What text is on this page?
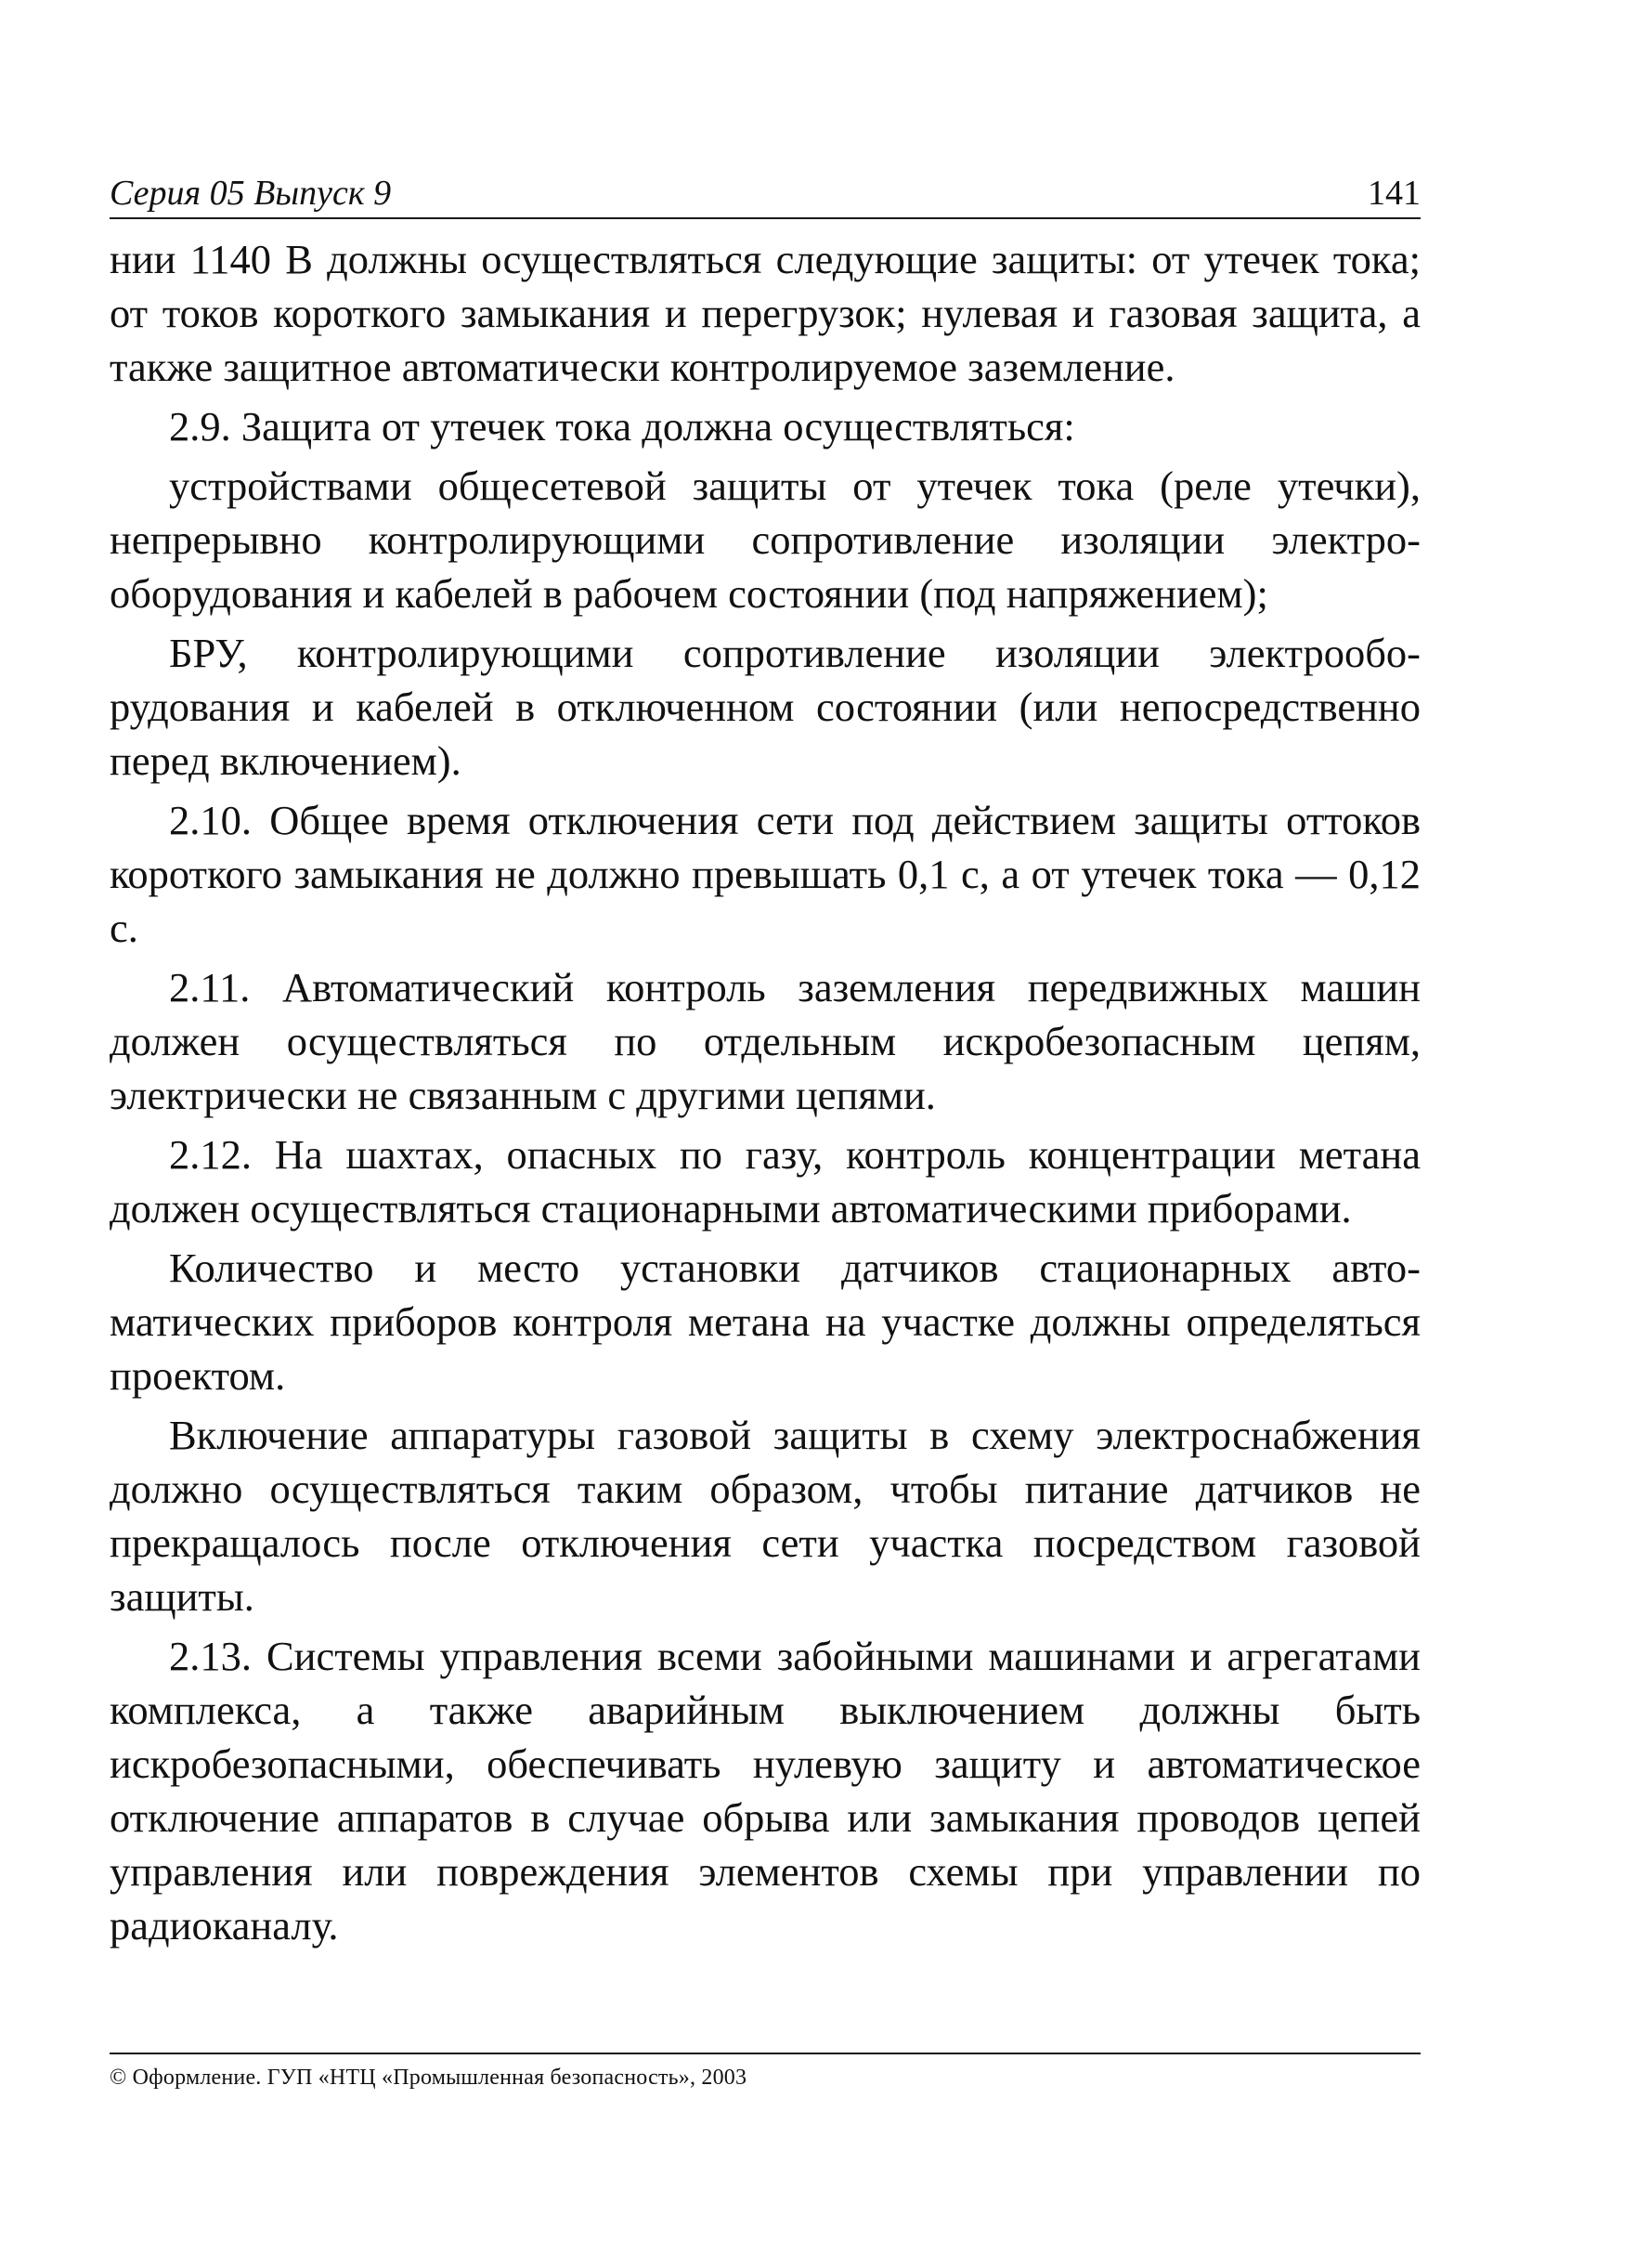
Серия 05 Выпуск 9	141

нии 1140 В должны осуществляться следующие защиты: от утечек тока; от токов короткого замыкания и перегрузок; нулевая и газовая защита, а также защитное автоматически контролируемое заземление.

2.9. Защита от утечек тока должна осуществляться:

устройствами общесетевой защиты от утечек тока (реле утечки), непрерывно контролирующими сопротивление изоляции электрооборудования и кабелей в рабочем состоянии (под напряжением);

БРУ, контролирующими сопротивление изоляции электрооборудования и кабелей в отключенном состоянии (или непосредственно перед включением).

2.10. Общее время отключения сети под действием защиты оттоков короткого замыкания не должно превышать 0,1 с, а от утечек тока — 0,12 с.

2.11. Автоматический контроль заземления передвижных машин должен осуществляться по отдельным искробезопасным цепям, электрически не связанным с другими цепями.

2.12. На шахтах, опасных по газу, контроль концентрации метана должен осуществляться стационарными автоматическими приборами.

Количество и место установки датчиков стационарных автоматических приборов контроля метана на участке должны определяться проектом.

Включение аппаратуры газовой защиты в схему электроснабжения должно осуществляться таким образом, чтобы питание датчиков не прекращалось после отключения сети участка посредством газовой защиты.

2.13. Системы управления всеми забойными машинами и агрегатами комплекса, а также аварийным выключением должны быть искробезопасными, обеспечивать нулевую защиту и автоматическое отключение аппаратов в случае обрыва или замыкания проводов цепей управления или повреждения элементов схемы при управлении по радиоканалу.

© Оформление. ГУП «НТЦ «Промышленная безопасность», 2003
